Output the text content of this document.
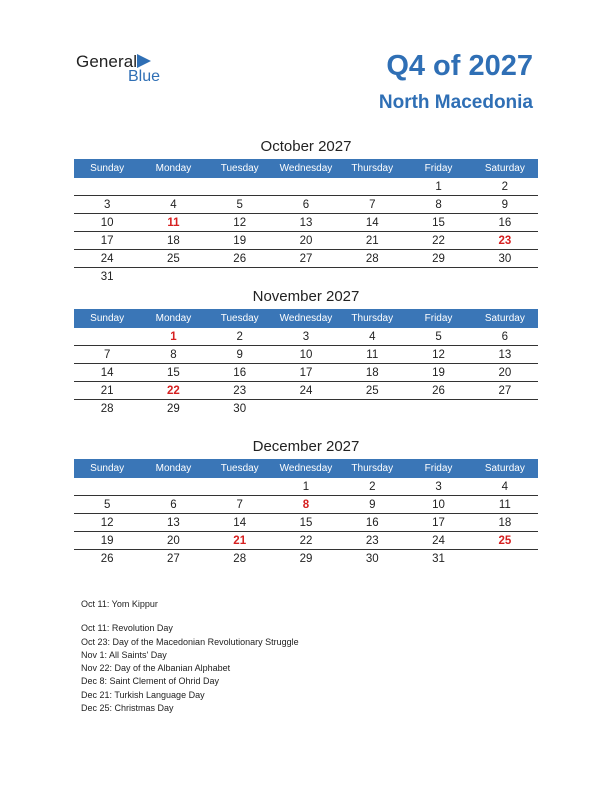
General
Blue	Q4 of 2027
North Macedonia
October 2027
Sunday	Monday	Tuesday	Wednesday	Thursday	Friday	Saturday
					1	2
3	4	5	6	7	8	9
10	11	12	13	14	15	16
17	18	19	20	21	22	23
24	25	26	27	28	29	30
31						
November 2027
Sunday	Monday	Tuesday	Wednesday	Thursday	Friday	Saturday
	1	2	3	4	5	6
7	8	9	10	11	12	13
14	15	16	17	18	19	20
21	22	23	24	25	26	27
28	29	30				
December 2027
Sunday	Monday	Tuesday	Wednesday	Thursday	Friday	Saturday
			1	2	3	4
5	6	7	8	9	10	11
12	13	14	15	16	17	18
19	20	21	22	23	24	25
26	27	28	29	30	31	
Oct 11: Yom Kippur
Oct 11: Revolution Day
Oct 23: Day of the Macedonian Revolutionary Struggle
Nov 1: All Saints' Day
Nov 22: Day of the Albanian Alphabet
Dec 8: Saint Clement of Ohrid Day
Dec 21: Turkish Language Day
Dec 25: Christmas Day
